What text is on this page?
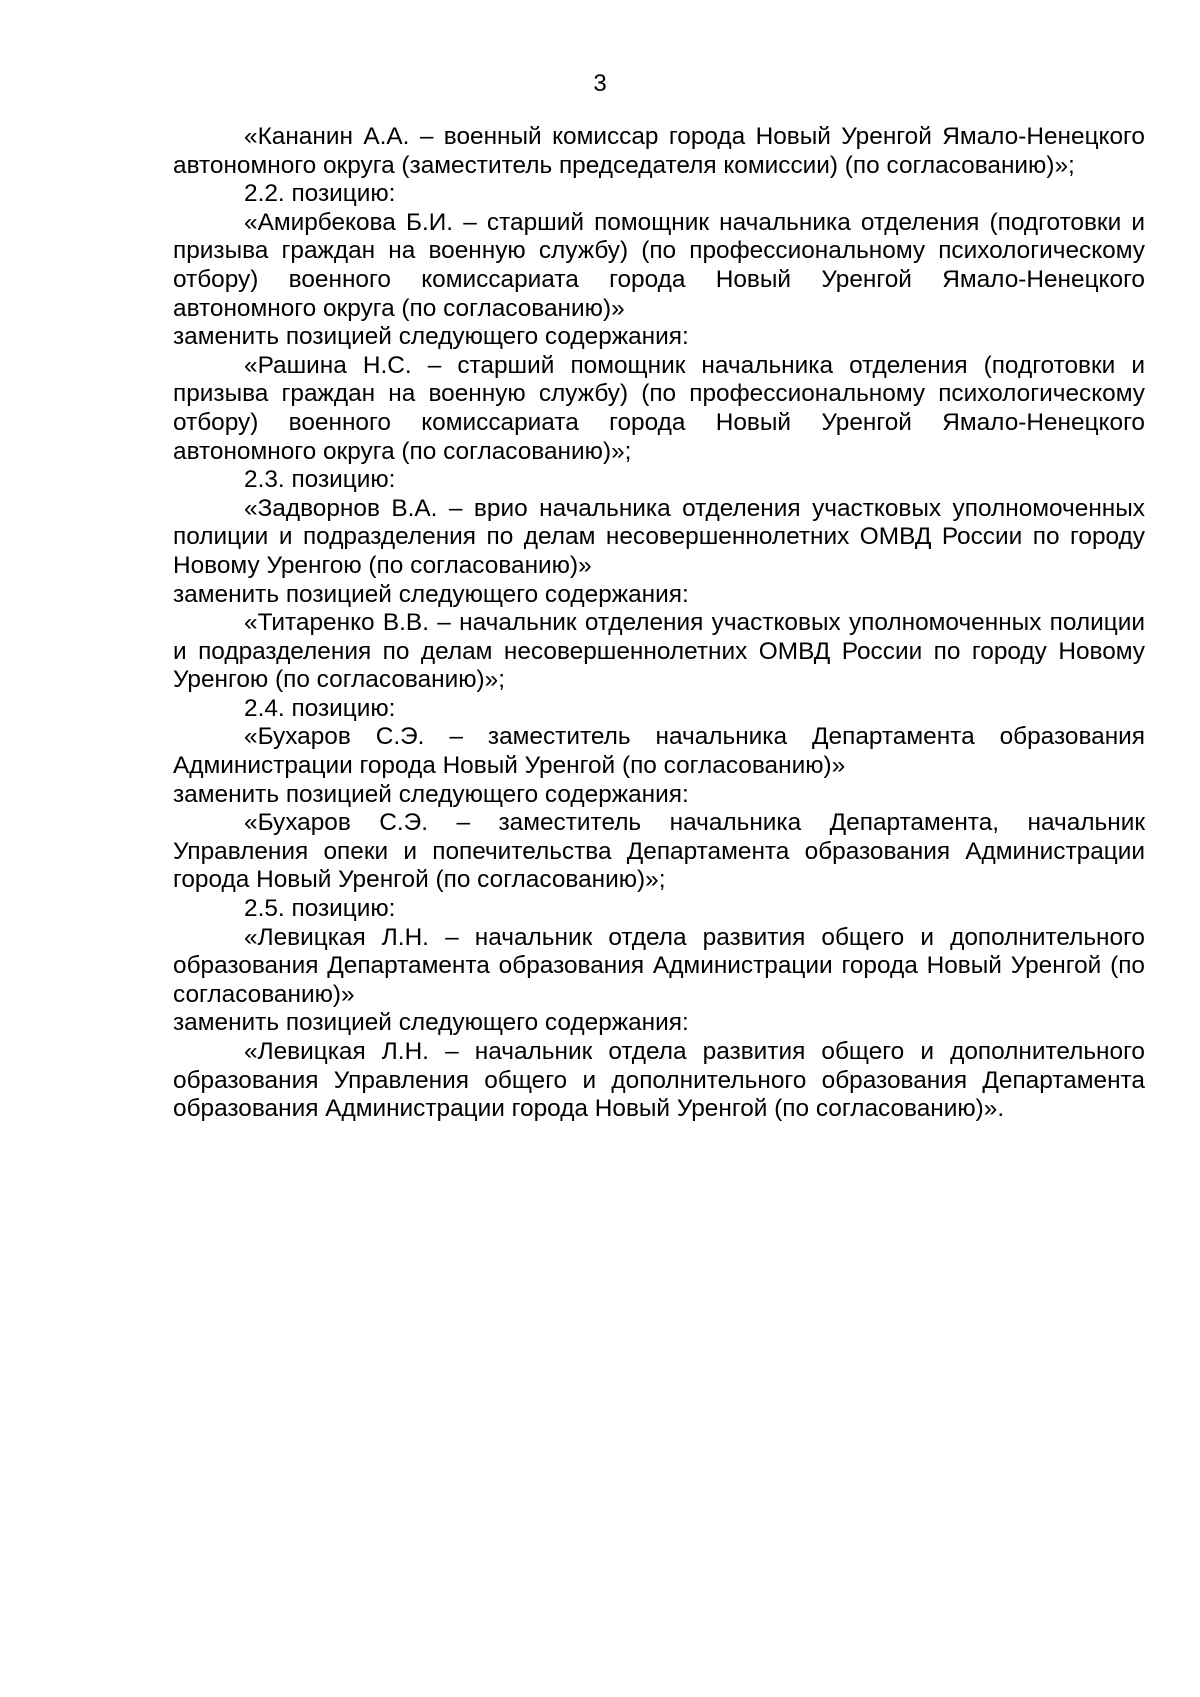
3

«Кананин А.А. – военный комиссар города Новый Уренгой Ямало-Ненецкого автономного округа (заместитель председателя комиссии) (по согласованию)»;

2.2. позицию:

«Амирбекова Б.И. – старший помощник начальника отделения (подготовки и призыва граждан на военную службу) (по профессиональному психологическому отбору) военного комиссариата города Новый Уренгой Ямало-Ненецкого автономного округа (по согласованию)»

заменить позицией следующего содержания:

«Рашина Н.С. – старший помощник начальника отделения (подготовки и призыва граждан на военную службу) (по профессиональному психологическому отбору) военного комиссариата города Новый Уренгой Ямало-Ненецкого автономного округа (по согласованию)»;

2.3. позицию:

«Задворнов В.А. – врио начальника отделения участковых уполномоченных полиции и подразделения по делам несовершеннолетних ОМВД России по городу Новому Уренгою (по согласованию)»

заменить позицией следующего содержания:

«Титаренко В.В. – начальник отделения участковых уполномоченных полиции и подразделения по делам несовершеннолетних ОМВД России по городу Новому Уренгою (по согласованию)»;

2.4. позицию:

«Бухаров С.Э. – заместитель начальника Департамента образования Администрации города Новый Уренгой (по согласованию)»

заменить позицией следующего содержания:

«Бухаров С.Э. – заместитель начальника Департамента, начальник Управления опеки и попечительства Департамента образования Администрации города Новый Уренгой (по согласованию)»;

2.5. позицию:

«Левицкая Л.Н. – начальник отдела развития общего и дополнительного образования Департамента образования Администрации города Новый Уренгой (по согласованию)»

заменить позицией следующего содержания:

«Левицкая Л.Н. – начальник отдела развития общего и дополнительного образования Управления общего и дополнительного образования Департамента образования Администрации города Новый Уренгой (по согласованию)».
